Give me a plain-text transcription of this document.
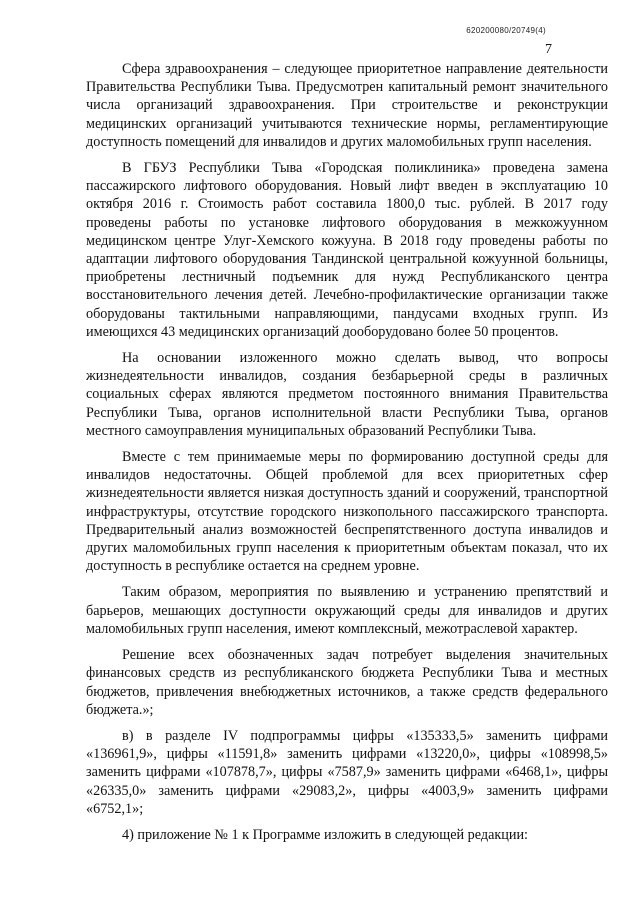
620200080/20749(4)
7

Сфера здравоохранения – следующее приоритетное направление деятельности Правительства Республики Тыва. Предусмотрен капитальный ремонт значительного числа организаций здравоохранения. При строительстве и реконструкции медицинских организаций учитываются технические нормы, регламентирующие доступность помещений для инвалидов и других маломобильных групп населения.

В ГБУЗ Республики Тыва «Городская поликлиника» проведена замена пассажирского лифтового оборудования. Новый лифт введен в эксплуатацию 10 октября 2016 г. Стоимость работ составила 1800,0 тыс. рублей. В 2017 году проведены работы по установке лифтового оборудования в межкожуунном медицинском центре Улуг-Хемского кожууна. В 2018 году проведены работы по адаптации лифтового оборудования Тандинской центральной кожуунной больницы, приобретены лестничный подъемник для нужд Республиканского центра восстановительного лечения детей. Лечебно-профилактические организации также оборудованы тактильными направляющими, пандусами входных групп. Из имеющихся 43 медицинских организаций дооборудовано более 50 процентов.

На основании изложенного можно сделать вывод, что вопросы жизнедеятельности инвалидов, создания безбарьерной среды в различных социальных сферах являются предметом постоянного внимания Правительства Республики Тыва, органов исполнительной власти Республики Тыва, органов местного самоуправления муниципальных образований Республики Тыва.

Вместе с тем принимаемые меры по формированию доступной среды для инвалидов недостаточны. Общей проблемой для всех приоритетных сфер жизнедеятельности является низкая доступность зданий и сооружений, транспортной инфраструктуры, отсутствие городского низкопольного пассажирского транспорта. Предварительный анализ возможностей беспрепятственного доступа инвалидов и других маломобильных групп населения к приоритетным объектам показал, что их доступность в республике остается на среднем уровне.

Таким образом, мероприятия по выявлению и устранению препятствий и барьеров, мешающих доступности окружающий среды для инвалидов и других маломобильных групп населения, имеют комплексный, межотраслевой характер.

Решение всех обозначенных задач потребует выделения значительных финансовых средств из республиканского бюджета Республики Тыва и местных бюджетов, привлечения внебюджетных источников, а также средств федерального бюджета.»;

в) в разделе IV подпрограммы цифры «135333,5» заменить цифрами «136961,9», цифры «11591,8» заменить цифрами «13220,0», цифры «108998,5» заменить цифрами «107878,7», цифры «7587,9» заменить цифрами «6468,1», цифры «26335,0» заменить цифрами «29083,2», цифры «4003,9» заменить цифрами «6752,1»;

4) приложение № 1 к Программе изложить в следующей редакции:
